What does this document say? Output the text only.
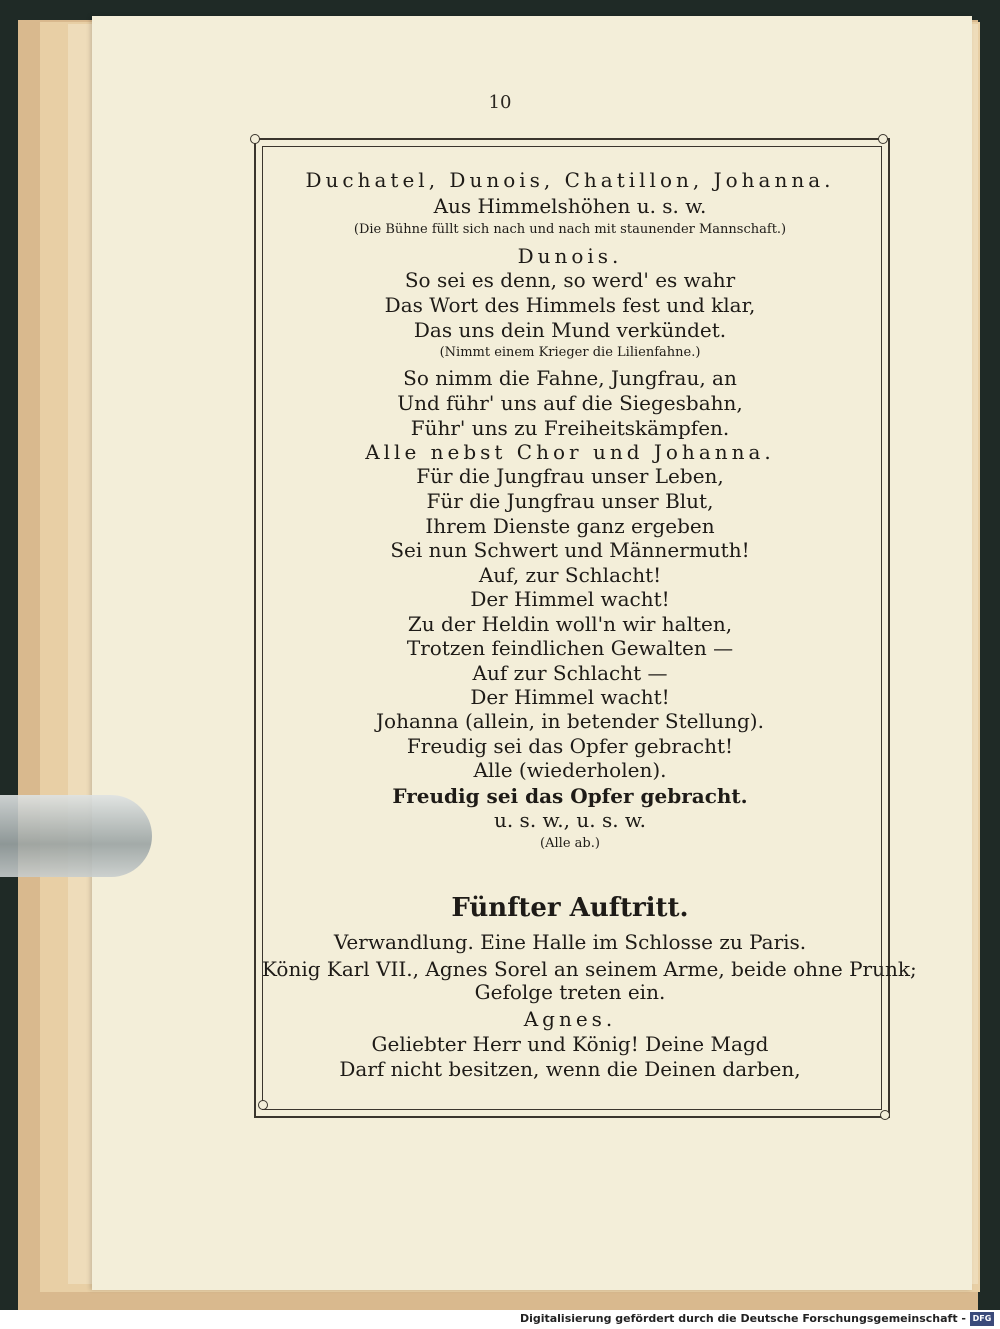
10
Duchatel, Dunois, Chatillon, Johanna.
Aus Himmelshöhen u. s. w.
(Die Bühne füllt sich nach und nach mit staunender Mannschaft.)
Dunois.
So sei es denn, so werd' es wahr
Das Wort des Himmels fest und klar,
Das uns dein Mund verkündet.
(Nimmt einem Krieger die Lilienfahne.)
So nimm die Fahne, Jungfrau, an
Und führ' uns auf die Siegesbahn,
Führ' uns zu Freiheitskämpfen.
Alle nebst Chor und Johanna.
Für die Jungfrau unser Leben,
Für die Jungfrau unser Blut,
Ihrem Dienste ganz ergeben
Sei nun Schwert und Männermuth!
Auf, zur Schlacht!
Der Himmel wacht!
Zu der Heldin woll'n wir halten,
Trotzen feindlichen Gewalten —
Auf zur Schlacht —
Der Himmel wacht!
Johanna (allein, in betender Stellung).
Freudig sei das Opfer gebracht!
Alle (wiederholen).
Freudig sei das Opfer gebracht.
u. s. w., u. s. w.
(Alle ab.)
Fünfter Auftritt.
Verwandlung. Eine Halle im Schlosse zu Paris.
König Karl VII., Agnes Sorel an seinem Arme, beide ohne Prunk;
Gefolge treten ein.
Agnes.
Geliebter Herr und König! Deine Magd
Darf nicht besitzen, wenn die Deinen darben,
Digitalisierung gefördert durch die Deutsche Forschungsgemeinschaft - DFG
